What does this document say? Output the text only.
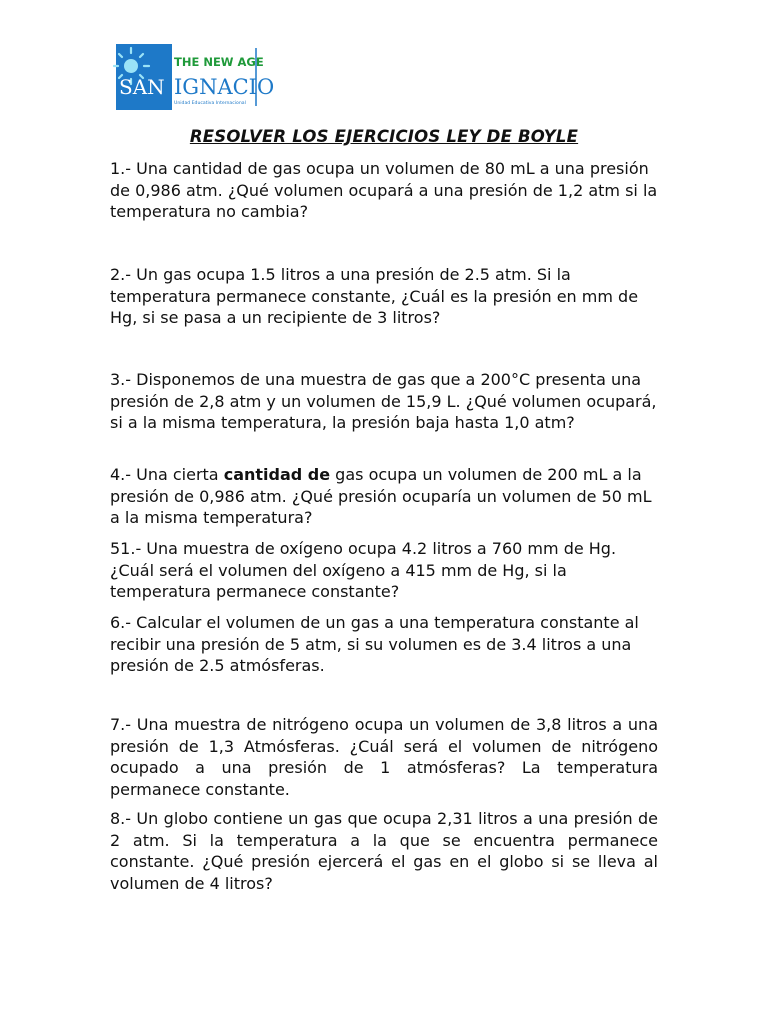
THE NEW AGE
SAN IGNACIO
Unidad Educativa Internacional
RESOLVER LOS EJERCICIOS LEY DE BOYLE

1.- Una cantidad de gas ocupa un volumen de 80 mL a una presión de 0,986 atm. ¿Qué volumen ocupará a una presión de 1,2 atm si la temperatura no cambia?

2.- Un gas ocupa 1.5 litros a una presión de 2.5 atm. Si la temperatura permanece constante, ¿Cuál es la presión en mm de Hg, si se pasa a un recipiente de 3 litros?

3.- Disponemos de una muestra de gas que a 200°C presenta una presión de 2,8 atm y un volumen de 15,9 L. ¿Qué volumen ocupará, si a la misma temperatura, la presión baja hasta 1,0 atm?

4.- Una cierta cantidad de gas ocupa un volumen de 200 mL a la presión de 0,986 atm. ¿Qué presión ocuparía un volumen de 50 mL a la misma temperatura?

51.- Una muestra de oxígeno ocupa 4.2 litros a 760 mm de Hg. ¿Cuál será el volumen del oxígeno a 415 mm de Hg, si la temperatura permanece constante?

6.- Calcular el volumen de un gas a una temperatura constante al recibir una presión de 5 atm, si su volumen es de 3.4 litros a una presión de 2.5 atmósferas.

7.- Una muestra de nitrógeno ocupa un volumen de 3,8 litros a una presión de 1,3 Atmósferas. ¿Cuál será el volumen de nitrógeno ocupado a una presión de 1 atmósferas? La temperatura permanece constante.

8.- Un globo contiene un gas que ocupa 2,31 litros a una presión de 2 atm. Si la temperatura a la que se encuentra permanece constante. ¿Qué presión ejercerá el gas en el globo si se lleva al volumen de 4 litros?
